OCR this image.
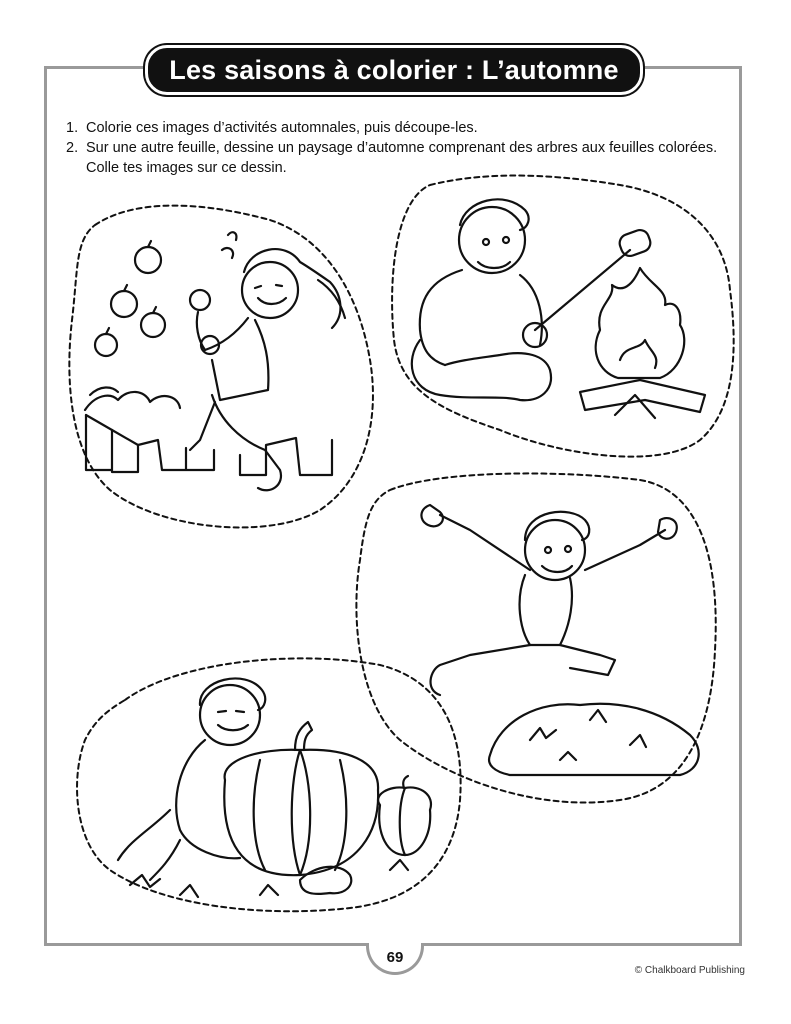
Les saisons à colorier : L’automne
1. Colorie ces images d’activités automnales, puis découpe-les.
2. Sur une autre feuille, dessine un paysage d’automne comprenant des arbres aux feuilles colorées. Colle tes images sur ce dessin.
69
© Chalkboard Publishing
